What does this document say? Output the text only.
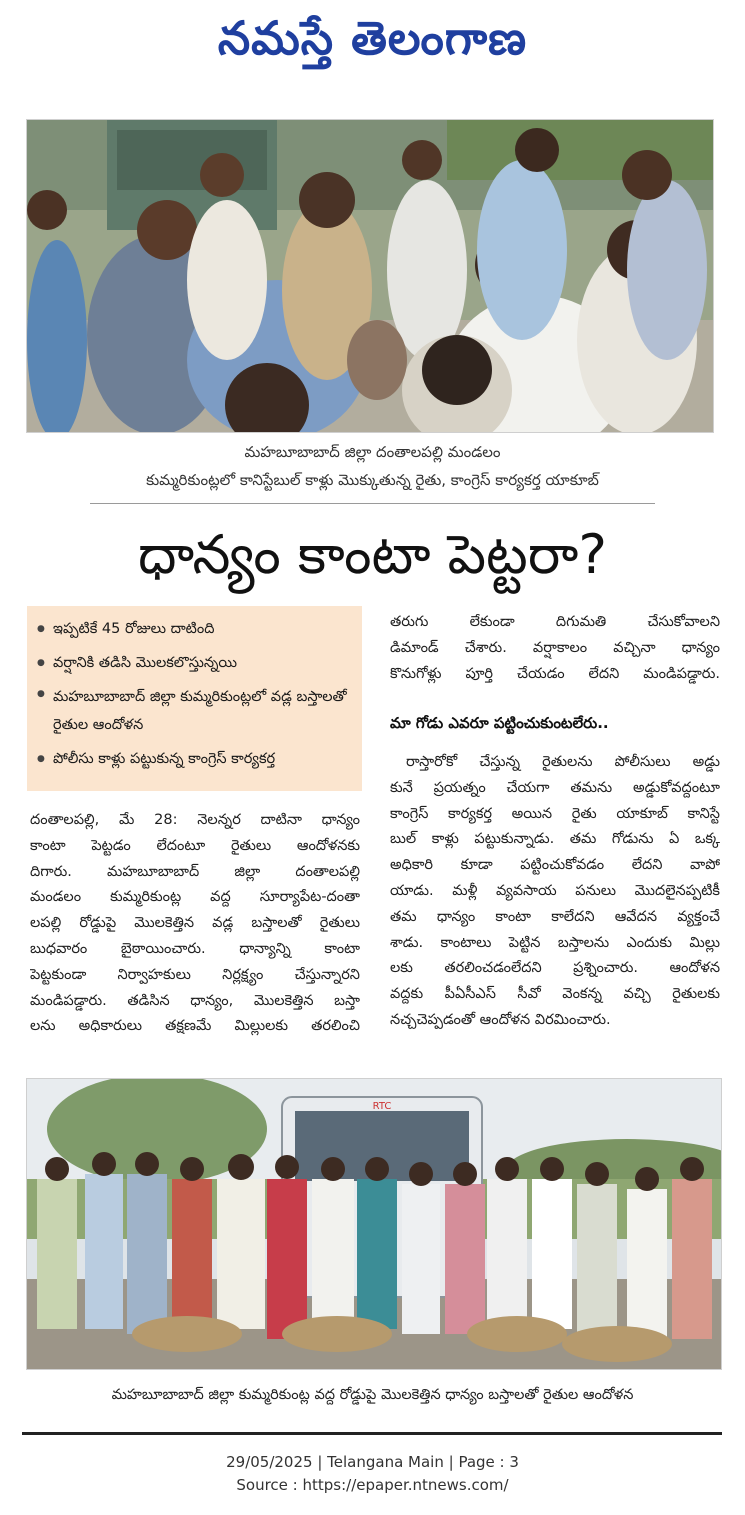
నమస్తే తెలంగాణ
మహబూబాబాద్ జిల్లా దంతాలపల్లి మండలం
కుమ్మరికుంట్లలో కానిస్టేబుల్ కాళ్లు మొక్కుతున్న రైతు, కాంగ్రెస్ కార్యకర్త యాకూబ్
ధాన్యం కాంటా పెట్టరా?
● ఇప్పటికే 45 రోజులు దాటింది
● వర్షానికి తడిసి మొలకలొస్తున్నయి
● మహబూబాబాద్ జిల్లా కుమ్మరికుంట్లలో వడ్ల బస్తాలతో రైతుల ఆందోళన
● పోలీసు కాళ్లు పట్టుకున్న కాంగ్రెస్ కార్యకర్త
దంతాలపల్లి, మే 28: నెలన్నర దాటినా ధాన్యం
కాంటా పెట్టడం లేదంటూ రైతులు ఆందోళనకు
దిగారు. మహబూబాబాద్ జిల్లా దంతాలపల్లి
మండలం కుమ్మరికుంట్ల వద్ద సూర్యాపేట-దంతా
లపల్లి రోడ్డుపై మొలకెత్తిన వడ్ల బస్తాలతో రైతులు
బుధవారం బైఠాయించారు. ధాన్యాన్ని కాంటా
పెట్టకుండా నిర్వాహకులు నిర్లక్ష్యం చేస్తున్నారని
మండిపడ్డారు. తడిసిన ధాన్యం, మొలకెత్తిన బస్తా
లను అధికారులు తక్షణమే మిల్లులకు తరలించి
తరుగు లేకుండా దిగుమతి చేసుకోవాలని
డిమాండ్ చేశారు. వర్షాకాలం వచ్చినా ధాన్యం
కొనుగోళ్లు పూర్తి చేయడం లేదని మండిపడ్డారు.
మా గోడు ఎవరూ పట్టించుకుంటలేరు..
రాస్తారోకో చేస్తున్న రైతులను పోలీసులు అడ్డు
కునే ప్రయత్నం చేయగా తమను అడ్డుకోవద్దంటూ
కాంగ్రెస్ కార్యకర్త అయిన రైతు యాకూబ్ కానిస్టే
బుల్ కాళ్లు పట్టుకున్నాడు. తమ గోడును ఏ ఒక్క
అధికారి కూడా పట్టించుకోవడం లేదని వాపో
యాడు. మళ్లీ వ్యవసాయ పనులు మొదలైనప్పటికీ
తమ ధాన్యం కాంటా కాలేదని ఆవేదన వ్యక్తంచే
శాడు. కాంటాలు పెట్టిన బస్తాలను ఎందుకు మిల్లు
లకు తరలించడంలేదని ప్రశ్నించారు. ఆందోళన
వద్దకు పీఏసీఎస్ సీవో వెంకన్న వచ్చి రైతులకు
నచ్చచెప్పడంతో ఆందోళన విరమించారు.
RTC
మహబూబాబాద్ జిల్లా కుమ్మరికుంట్ల వద్ద రోడ్డుపై మొలకెత్తిన ధాన్యం బస్తాలతో రైతుల ఆందోళన
29/05/2025 | Telangana Main | Page : 3
Source : https://epaper.ntnews.com/
